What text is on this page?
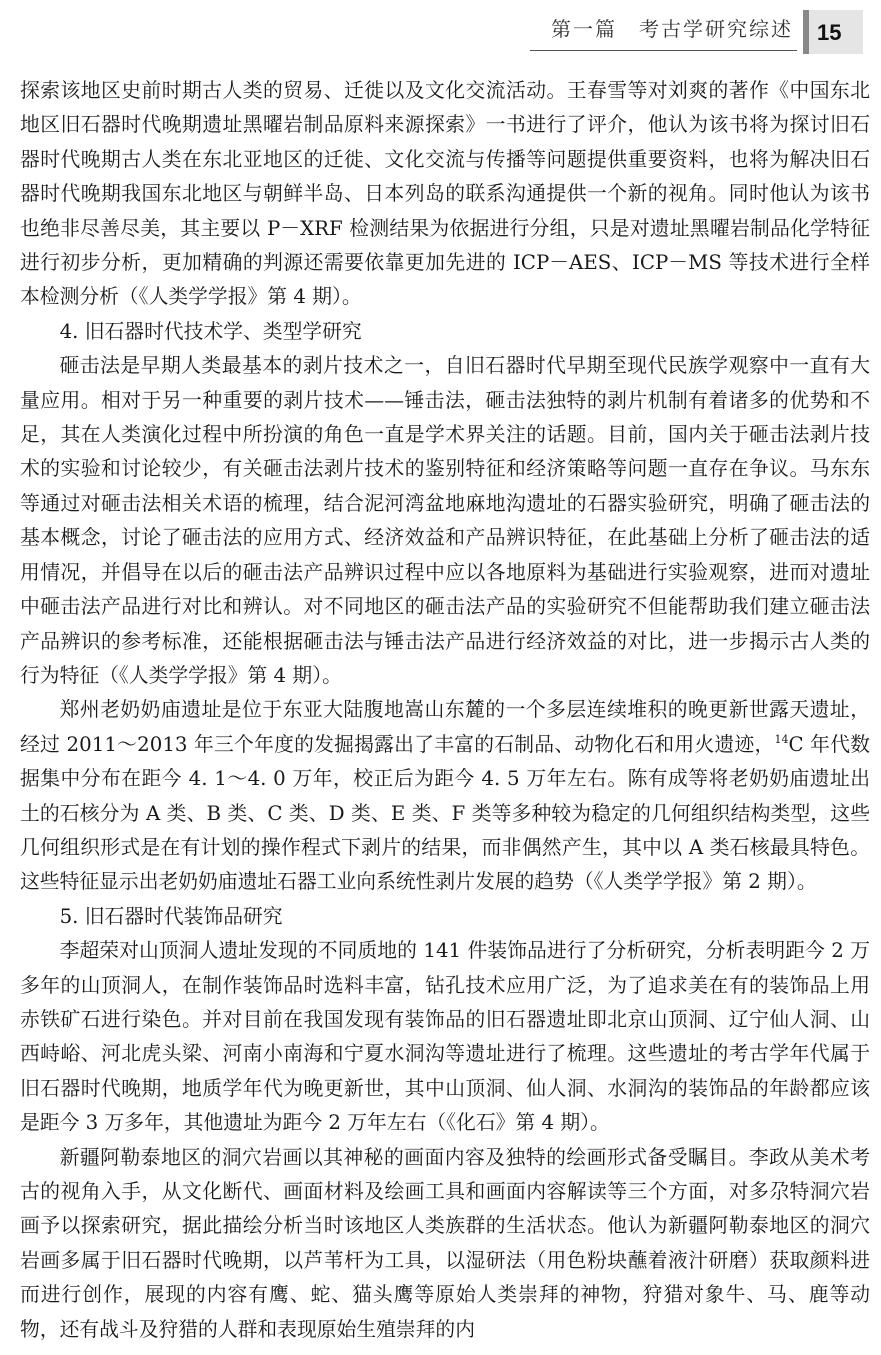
第一篇 考古学研究综述 15

探索该地区史前时期古人类的贸易、迁徙以及文化交流活动。王春雪等对刘爽的著作《中国东北地区旧石器时代晚期遗址黑曜岩制品原料来源探索》一书进行了评介，他认为该书将为探讨旧石器时代晚期古人类在东北亚地区的迁徙、文化交流与传播等问题提供重要资料，也将为解决旧石器时代晚期我国东北地区与朝鲜半岛、日本列岛的联系沟通提供一个新的视角。同时他认为该书也绝非尽善尽美，其主要以 P－XRF 检测结果为依据进行分组，只是对遗址黑曜岩制品化学特征进行初步分析，更加精确的判源还需要依靠更加先进的 ICP－AES、ICP－MS 等技术进行全样本检测分析（《人类学学报》第 4 期）。

4. 旧石器时代技术学、类型学研究

砸击法是早期人类最基本的剥片技术之一，自旧石器时代早期至现代民族学观察中一直有大量应用。相对于另一种重要的剥片技术——锤击法，砸击法独特的剥片机制有着诸多的优势和不足，其在人类演化过程中所扮演的角色一直是学术界关注的话题。目前，国内关于砸击法剥片技术的实验和讨论较少，有关砸击法剥片技术的鉴别特征和经济策略等问题一直存在争议。马东东等通过对砸击法相关术语的梳理，结合泥河湾盆地麻地沟遗址的石器实验研究，明确了砸击法的基本概念，讨论了砸击法的应用方式、经济效益和产品辨识特征，在此基础上分析了砸击法的适用情况，并倡导在以后的砸击法产品辨识过程中应以各地原料为基础进行实验观察，进而对遗址中砸击法产品进行对比和辨认。对不同地区的砸击法产品的实验研究不但能帮助我们建立砸击法产品辨识的参考标准，还能根据砸击法与锤击法产品进行经济效益的对比，进一步揭示古人类的行为特征（《人类学学报》第 4 期）。

郑州老奶奶庙遗址是位于东亚大陆腹地嵩山东麓的一个多层连续堆积的晚更新世露天遗址，经过 2011～2013 年三个年度的发掘揭露出了丰富的石制品、动物化石和用火遗迹，$^{14}$C 年代数据集中分布在距今 4. 1～4. 0 万年，校正后为距今 4. 5 万年左右。陈有成等将老奶奶庙遗址出土的石核分为 A 类、B 类、C 类、D 类、E 类、F 类等多种较为稳定的几何组织结构类型，这些几何组织形式是在有计划的操作程式下剥片的结果，而非偶然产生，其中以 A 类石核最具特色。这些特征显示出老奶奶庙遗址石器工业向系统性剥片发展的趋势（《人类学学报》第 2 期）。

5. 旧石器时代装饰品研究

李超荣对山顶洞人遗址发现的不同质地的 141 件装饰品进行了分析研究，分析表明距今 2 万多年的山顶洞人，在制作装饰品时选料丰富，钻孔技术应用广泛，为了追求美在有的装饰品上用赤铁矿石进行染色。并对目前在我国发现有装饰品的旧石器遗址即北京山顶洞、辽宁仙人洞、山西峙峪、河北虎头梁、河南小南海和宁夏水洞沟等遗址进行了梳理。这些遗址的考古学年代属于旧石器时代晚期，地质学年代为晚更新世，其中山顶洞、仙人洞、水洞沟的装饰品的年龄都应该是距今 3 万多年，其他遗址为距今 2 万年左右（《化石》第 4 期）。

新疆阿勒泰地区的洞穴岩画以其神秘的画面内容及独特的绘画形式备受瞩目。李政从美术考古的视角入手，从文化断代、画面材料及绘画工具和画面内容解读等三个方面，对多尕特洞穴岩画予以探索研究，据此描绘分析当时该地区人类族群的生活状态。他认为新疆阿勒泰地区的洞穴岩画多属于旧石器时代晚期，以芦苇杆为工具，以湿研法（用色粉块蘸着液汁研磨）获取颜料进而进行创作，展现的内容有鹰、蛇、猫头鹰等原始人类崇拜的神物，狩猎对象牛、马、鹿等动物，还有战斗及狩猎的人群和表现原始生殖崇拜的内
